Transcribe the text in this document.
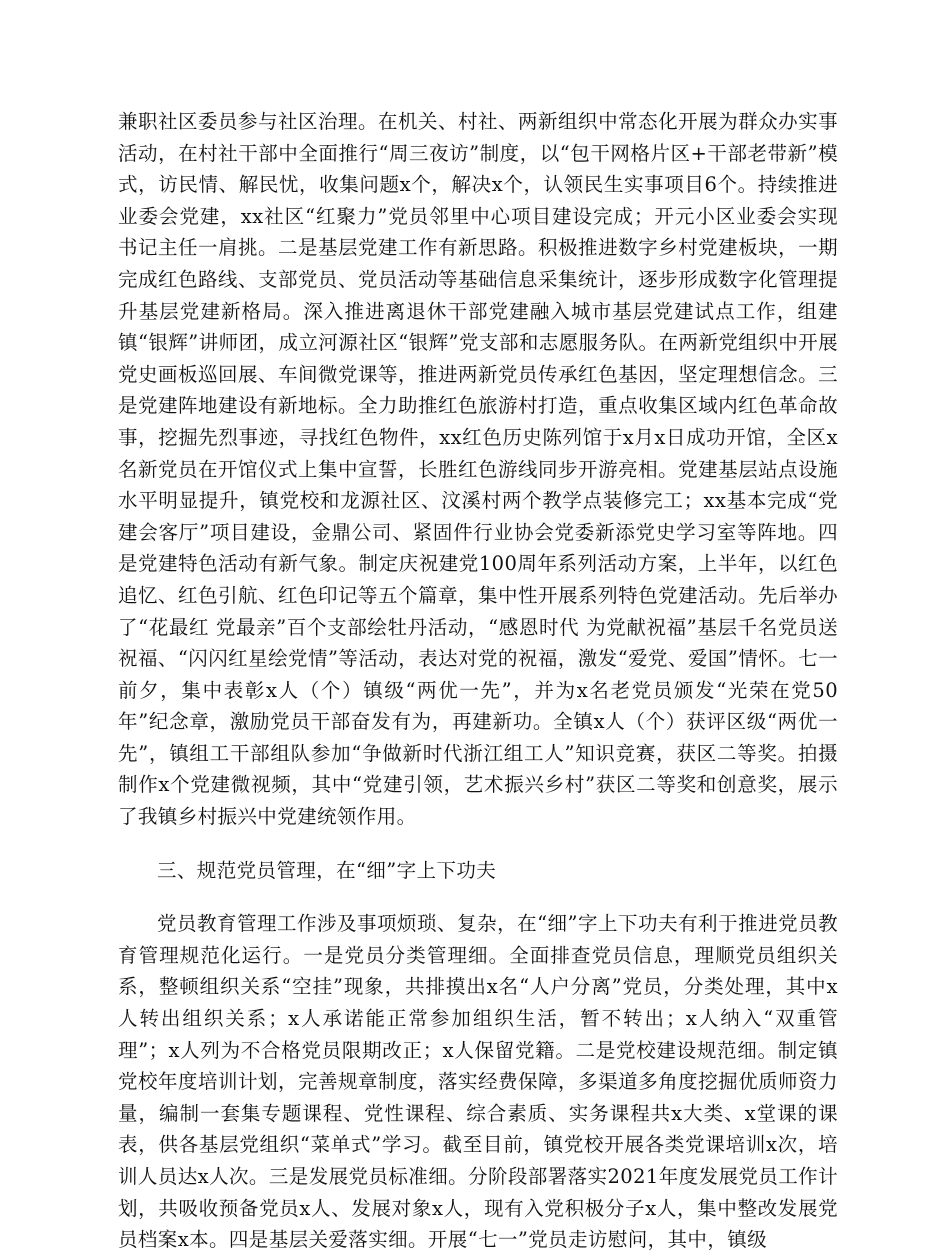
兼职社区委员参与社区治理。在机关、村社、两新组织中常态化开展为群众办实事活动，在村社干部中全面推行“周三夜访”制度，以“包干网格片区+干部老带新”模式，访民情、解民忧，收集问题x个，解决x个，认领民生实事项目6个。持续推进业委会党建，xx社区“红聚力”党员邻里中心项目建设完成；开元小区业委会实现书记主任一肩挑。二是基层党建工作有新思路。积极推进数字乡村党建板块，一期完成红色路线、支部党员、党员活动等基础信息采集统计，逐步形成数字化管理提升基层党建新格局。深入推进离退休干部党建融入城市基层党建试点工作，组建镇“银辉”讲师团，成立河源社区“银辉”党支部和志愿服务队。在两新党组织中开展党史画板巡回展、车间微党课等，推进两新党员传承红色基因，坚定理想信念。三是党建阵地建设有新地标。全力助推红色旅游村打造，重点收集区域内红色革命故事，挖掘先烈事迹，寻找红色物件，xx红色历史陈列馆于x月x日成功开馆，全区x名新党员在开馆仪式上集中宣誓，长胜红色游线同步开游亮相。党建基层站点设施水平明显提升，镇党校和龙源社区、汶溪村两个教学点装修完工；xx基本完成“党建会客厅”项目建设，金鼎公司、紧固件行业协会党委新添党史学习室等阵地。四是党建特色活动有新气象。制定庆祝建党100周年系列活动方案，上半年，以红色追忆、红色引航、红色印记等五个篇章，集中性开展系列特色党建活动。先后举办了“花最红 党最亲”百个支部绘牡丹活动，“感恩时代 为党献祝福”基层千名党员送祝福、“闪闪红星绘党情”等活动，表达对党的祝福，激发“爱党、爱国”情怀。七一前夕，集中表彰x人（个）镇级“两优一先”，并为x名老党员颁发“光荣在党50年”纪念章，激励党员干部奋发有为，再建新功。全镇x人（个）获评区级“两优一先”，镇组工干部组队参加“争做新时代浙江组工人”知识竞赛，获区二等奖。拍摄制作x个党建微视频，其中“党建引领，艺术振兴乡村”获区二等奖和创意奖，展示了我镇乡村振兴中党建统领作用。

三、规范党员管理，在“细”字上下功夫

党员教育管理工作涉及事项烦琐、复杂，在“细”字上下功夫有利于推进党员教育管理规范化运行。一是党员分类管理细。全面排查党员信息，理顺党员组织关系，整顿组织关系“空挂”现象，共排摸出x名“人户分离”党员，分类处理，其中x人转出组织关系；x人承诺能正常参加组织生活，暂不转出；x人纳入“双重管理”；x人列为不合格党员限期改正；x人保留党籍。二是党校建设规范细。制定镇党校年度培训计划，完善规章制度，落实经费保障，多渠道多角度挖掘优质师资力量，编制一套集专题课程、党性课程、综合素质、实务课程共x大类、x堂课的课表，供各基层党组织“菜单式”学习。截至目前，镇党校开展各类党课培训x次，培训人员达x人次。三是发展党员标准细。分阶段部署落实2021年度发展党员工作计划，共吸收预备党员x人、发展对象x人，现有入党积极分子x人，集中整改发展党员档案x本。四是基层关爱落实细。开展“七一”党员走访慰问，其中，镇级
